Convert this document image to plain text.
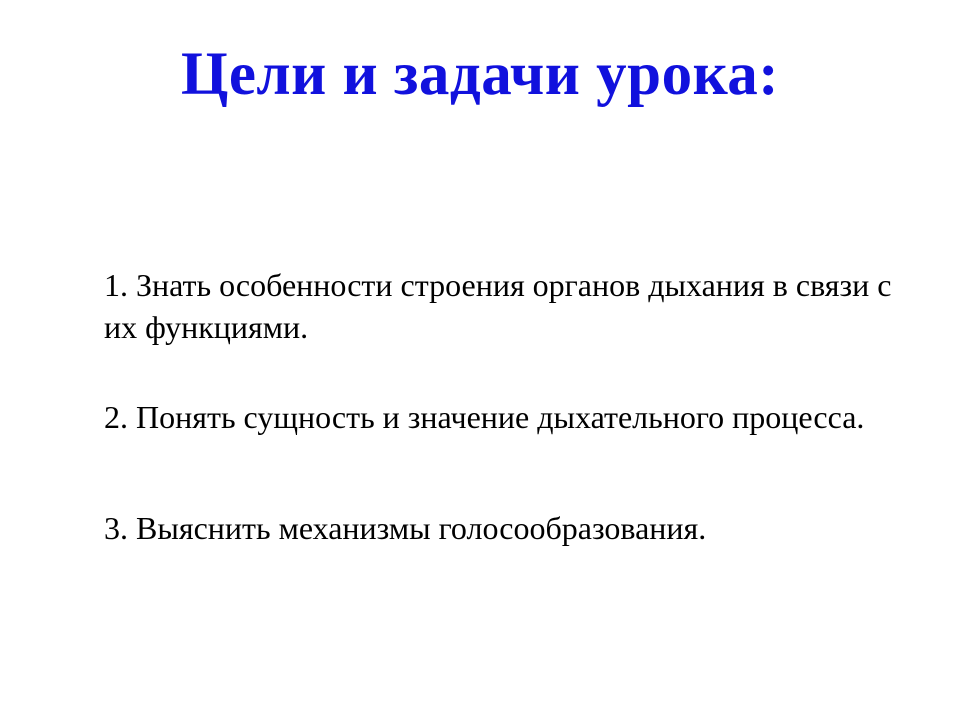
Цели и задачи урока:

1. Знать особенности строения органов дыхания в связи с их функциями.

2. Понять сущность и значение дыхательного процесса.

3. Выяснить механизмы голосообразования.
